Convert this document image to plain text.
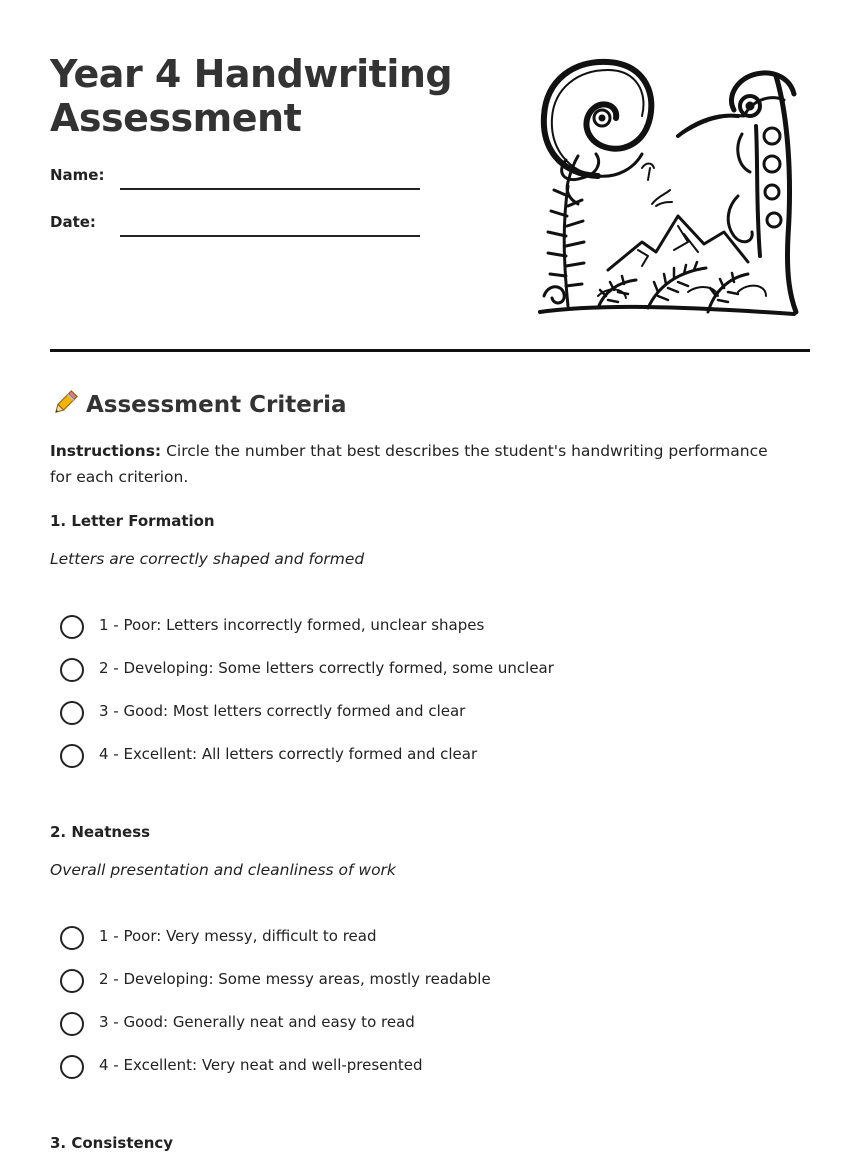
Year 4 Handwriting
Assessment
Name:
Date:
Assessment Criteria

Instructions: Circle the number that best describes the student's handwriting performance for each criterion.

1. Letter Formation
Letters are correctly shaped and formed
1 - Poor: Letters incorrectly formed, unclear shapes
2 - Developing: Some letters correctly formed, some unclear
3 - Good: Most letters correctly formed and clear
4 - Excellent: All letters correctly formed and clear
2. Neatness
Overall presentation and cleanliness of work
1 - Poor: Very messy, difficult to read
2 - Developing: Some messy areas, mostly readable
3 - Good: Generally neat and easy to read
4 - Excellent: Very neat and well-presented
3. Consistency
